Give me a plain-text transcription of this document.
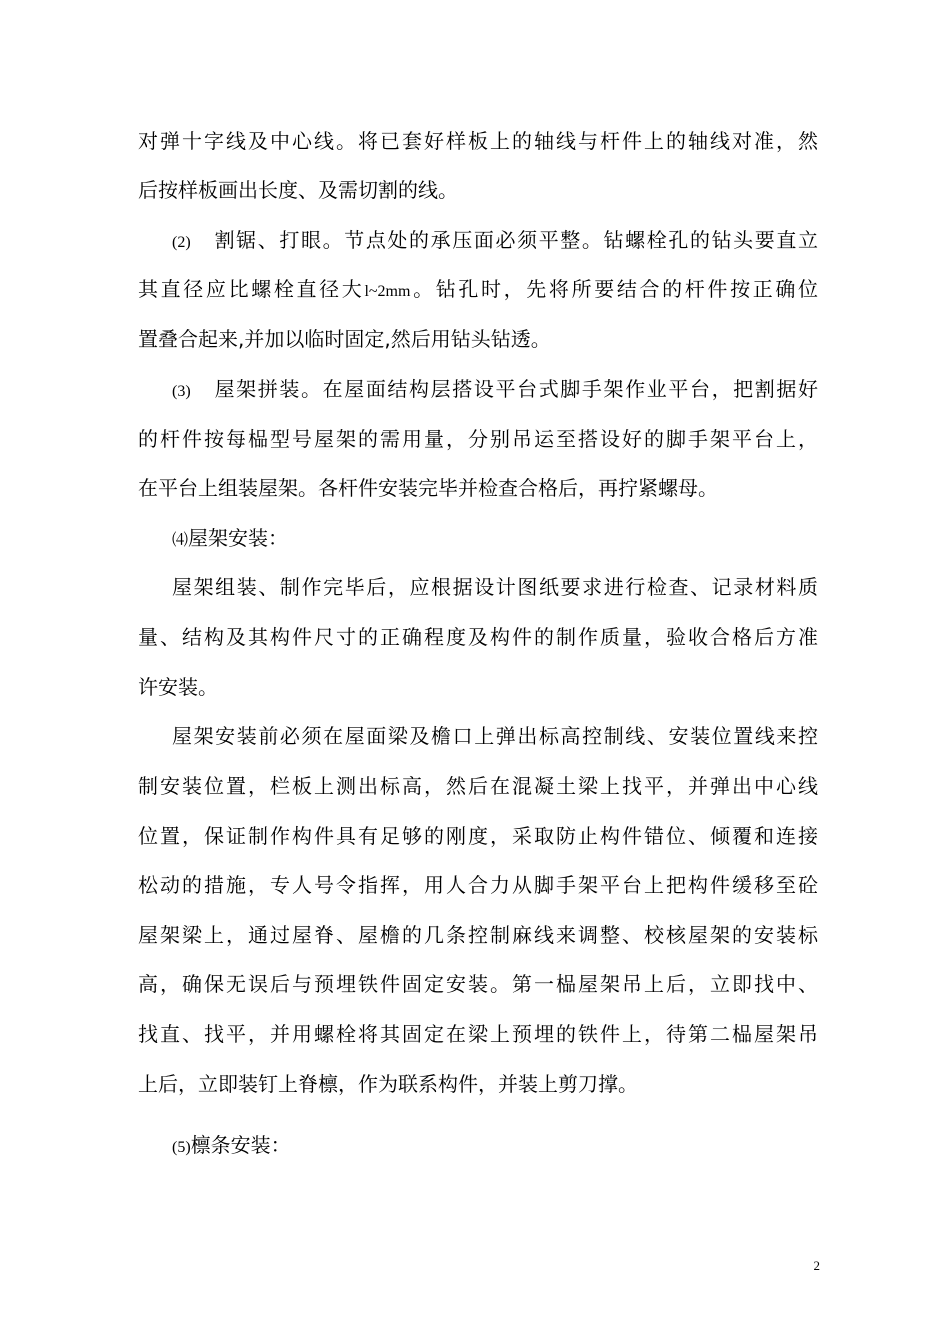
对弹十字线及中心线。将已套好样板上的轴线与杆件上的轴线对准，然
后按样板画出长度、及需切割的线。
(2) 割锯、打眼。节点处的承压面必须平整。钻螺栓孔的钻头要直立
其直径应比螺栓直径大l~2mm。钻孔时，先将所要结合的杆件按正确位
置叠合起来,并加以临时固定,然后用钻头钻透。
(3) 屋架拼装。在屋面结构层搭设平台式脚手架作业平台，把割据好
的杆件按每榀型号屋架的需用量，分别吊运至搭设好的脚手架平台上，
在平台上组装屋架。各杆件安装完毕并检查合格后，再拧紧螺母。
⑷屋架安装：
屋架组装、制作完毕后，应根据设计图纸要求进行检查、记录材料质
量、结构及其构件尺寸的正确程度及构件的制作质量，验收合格后方准
许安装。
屋架安装前必须在屋面梁及檐口上弹出标高控制线、安装位置线来控
制安装位置，栏板上测出标高，然后在混凝土梁上找平，并弹出中心线
位置，保证制作构件具有足够的刚度，采取防止构件错位、倾覆和连接
松动的措施，专人号令指挥，用人合力从脚手架平台上把构件缓移至砼
屋架梁上，通过屋脊、屋檐的几条控制麻线来调整、校核屋架的安装标
高，确保无误后与预埋铁件固定安装。第一榀屋架吊上后，立即找中、
找直、找平，并用螺栓将其固定在梁上预埋的铁件上，待第二榀屋架吊
上后，立即装钉上脊檩，作为联系构件，并装上剪刀撑。
(5)檩条安装：
2
